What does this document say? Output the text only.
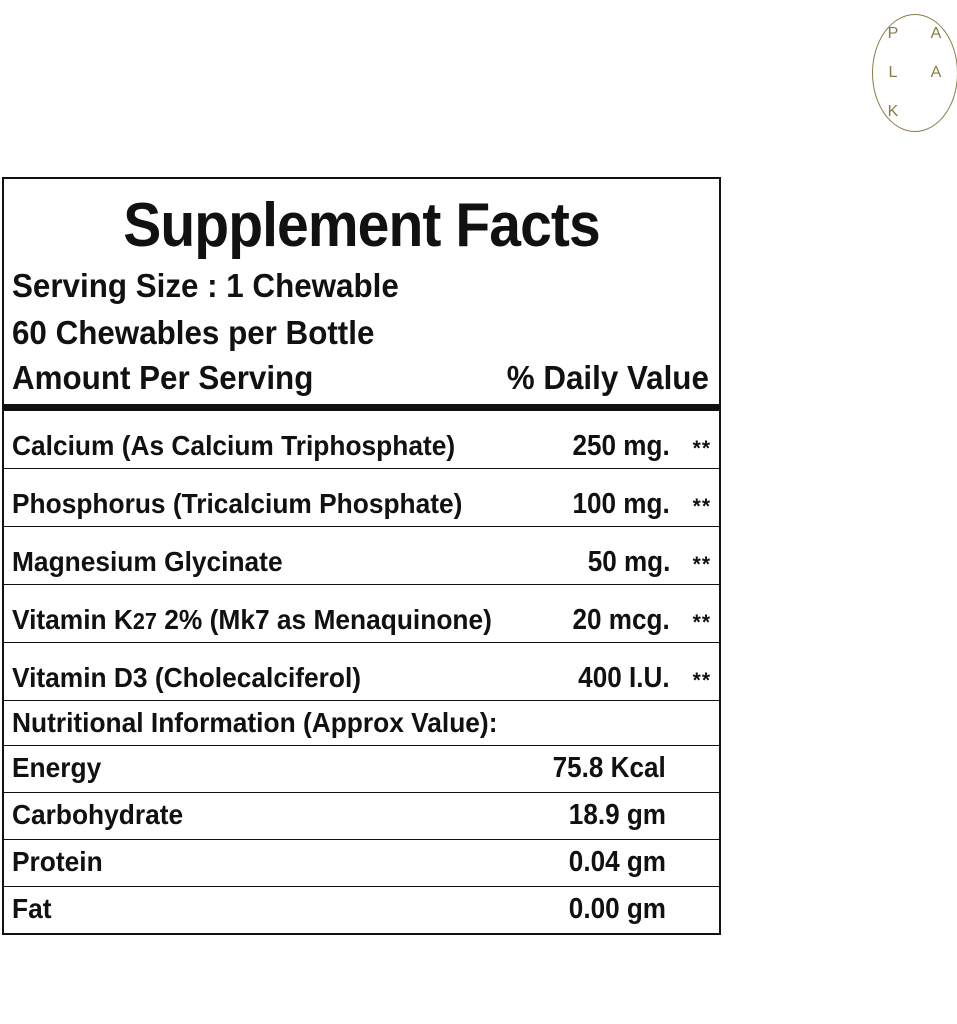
P A
L A
K
Supplement Facts
Serving Size : 1 Chewable
60 Chewables per Bottle
Amount Per Serving	% Daily Value
Calcium (As Calcium Triphosphate)	250 mg.	**
Phosphorus (Tricalcium Phosphate)	100 mg.	**
Magnesium Glycinate	50 mg.	**
Vitamin K27 2% (Mk7 as Menaquinone)	20 mcg.	**
Vitamin D3 (Cholecalciferol)	400 I.U.	**
Nutritional Information (Approx Value):
Energy	75.8 Kcal
Carbohydrate	18.9 gm
Protein	0.04 gm
Fat	0.00 gm
